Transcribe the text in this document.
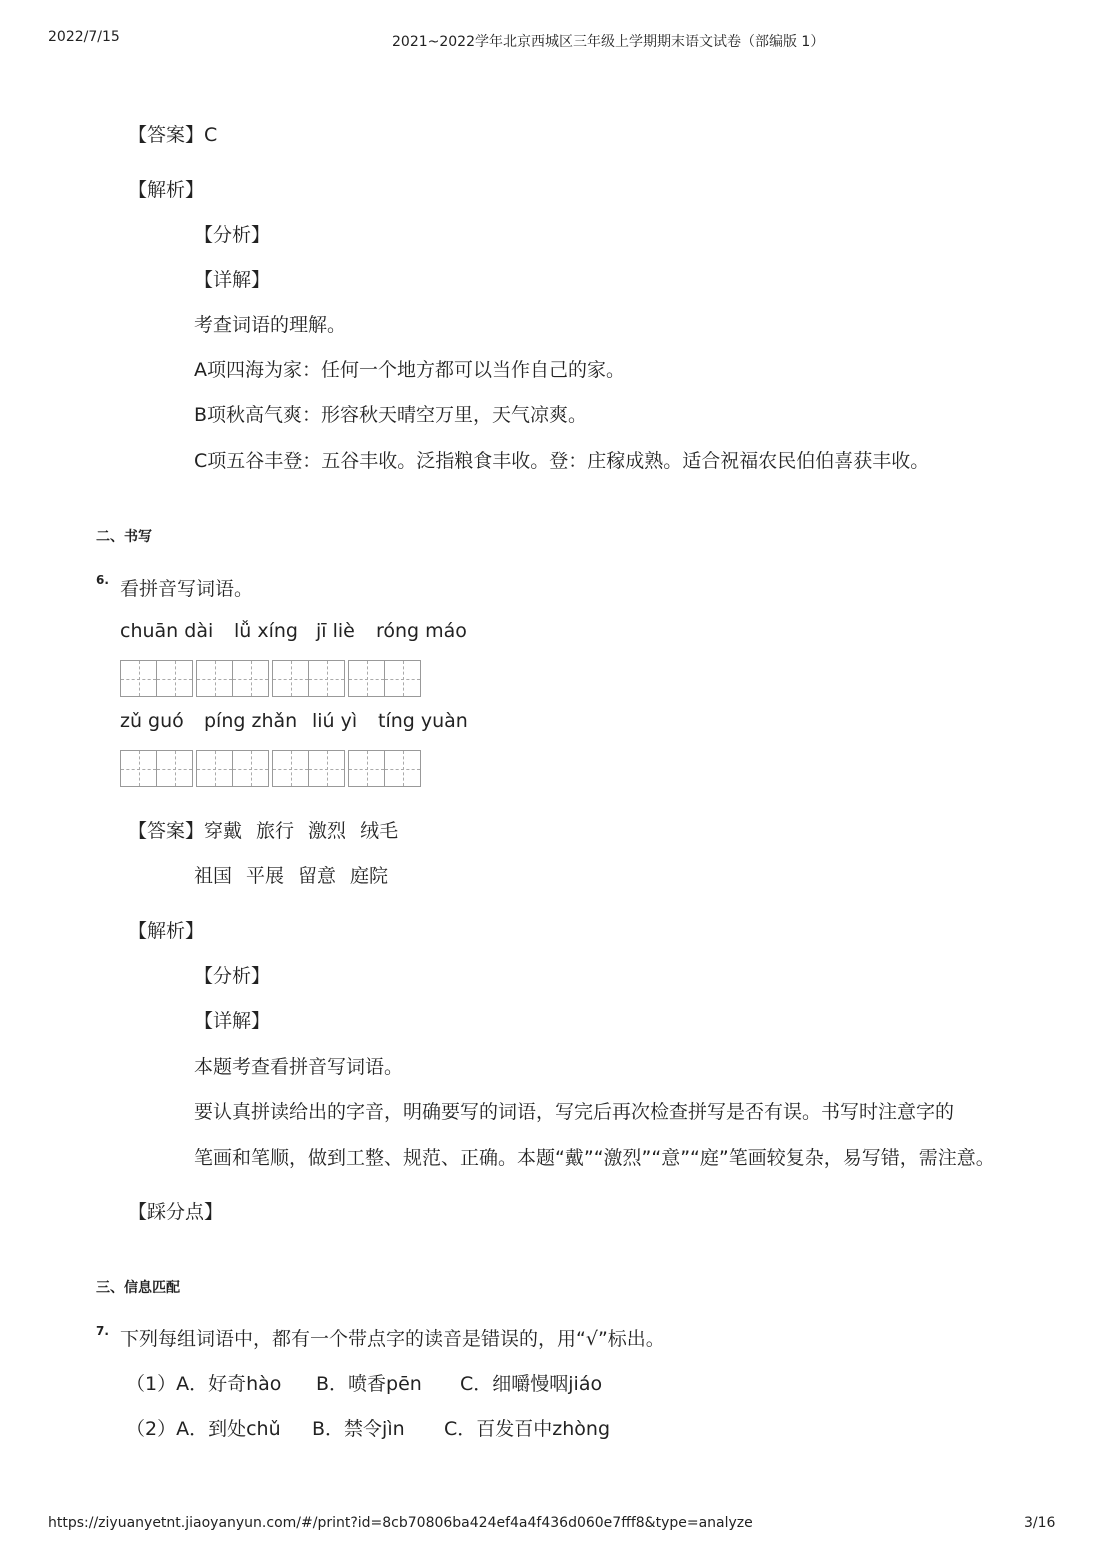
2022/7/15	2021~2022学年北京西城区三年级上学期期末语文试卷（部编版 1）
【答案】C
【解析】
【分析】
【详解】
考查词语的理解。
A项四海为家：任何一个地方都可以当作自己的家。
B项秋高气爽：形容秋天晴空万里，天气凉爽。
C项五谷丰登：五谷丰收。泛指粮食丰收。登：庄稼成熟。适合祝福农民伯伯喜获丰收。
二、书写
6. 看拼音写词语。
chuān dài	lǚ xíng jī liè	róng máo
zǔ guó	píng zhǎn liú yì	tíng yuàn
【答案】穿戴 旅行 激烈 绒毛
祖国 平展 留意 庭院
【解析】
【分析】
【详解】
本题考查看拼音写词语。
要认真拼读给出的字音，明确要写的词语，写完后再次检查拼写是否有误。书写时注意字的
笔画和笔顺，做到工整、规范、正确。本题“戴”“激烈”“意”“庭”笔画较复杂，易写错，需注意。
【踩分点】
三、信息匹配
7. 下列每组词语中，都有一个带点字的读音是错误的，用“√”标出。
（1）A．好奇hào B．喷香pēn C．细嚼慢咽jiáo
（2）A．到处chǔ B．禁令jìn C．百发百中zhòng
https://ziyuanyetnt.jiaoyanyun.com/#/print?id=8cb70806ba424ef4a4f436d060e7fff8&type=analyze	3/16
